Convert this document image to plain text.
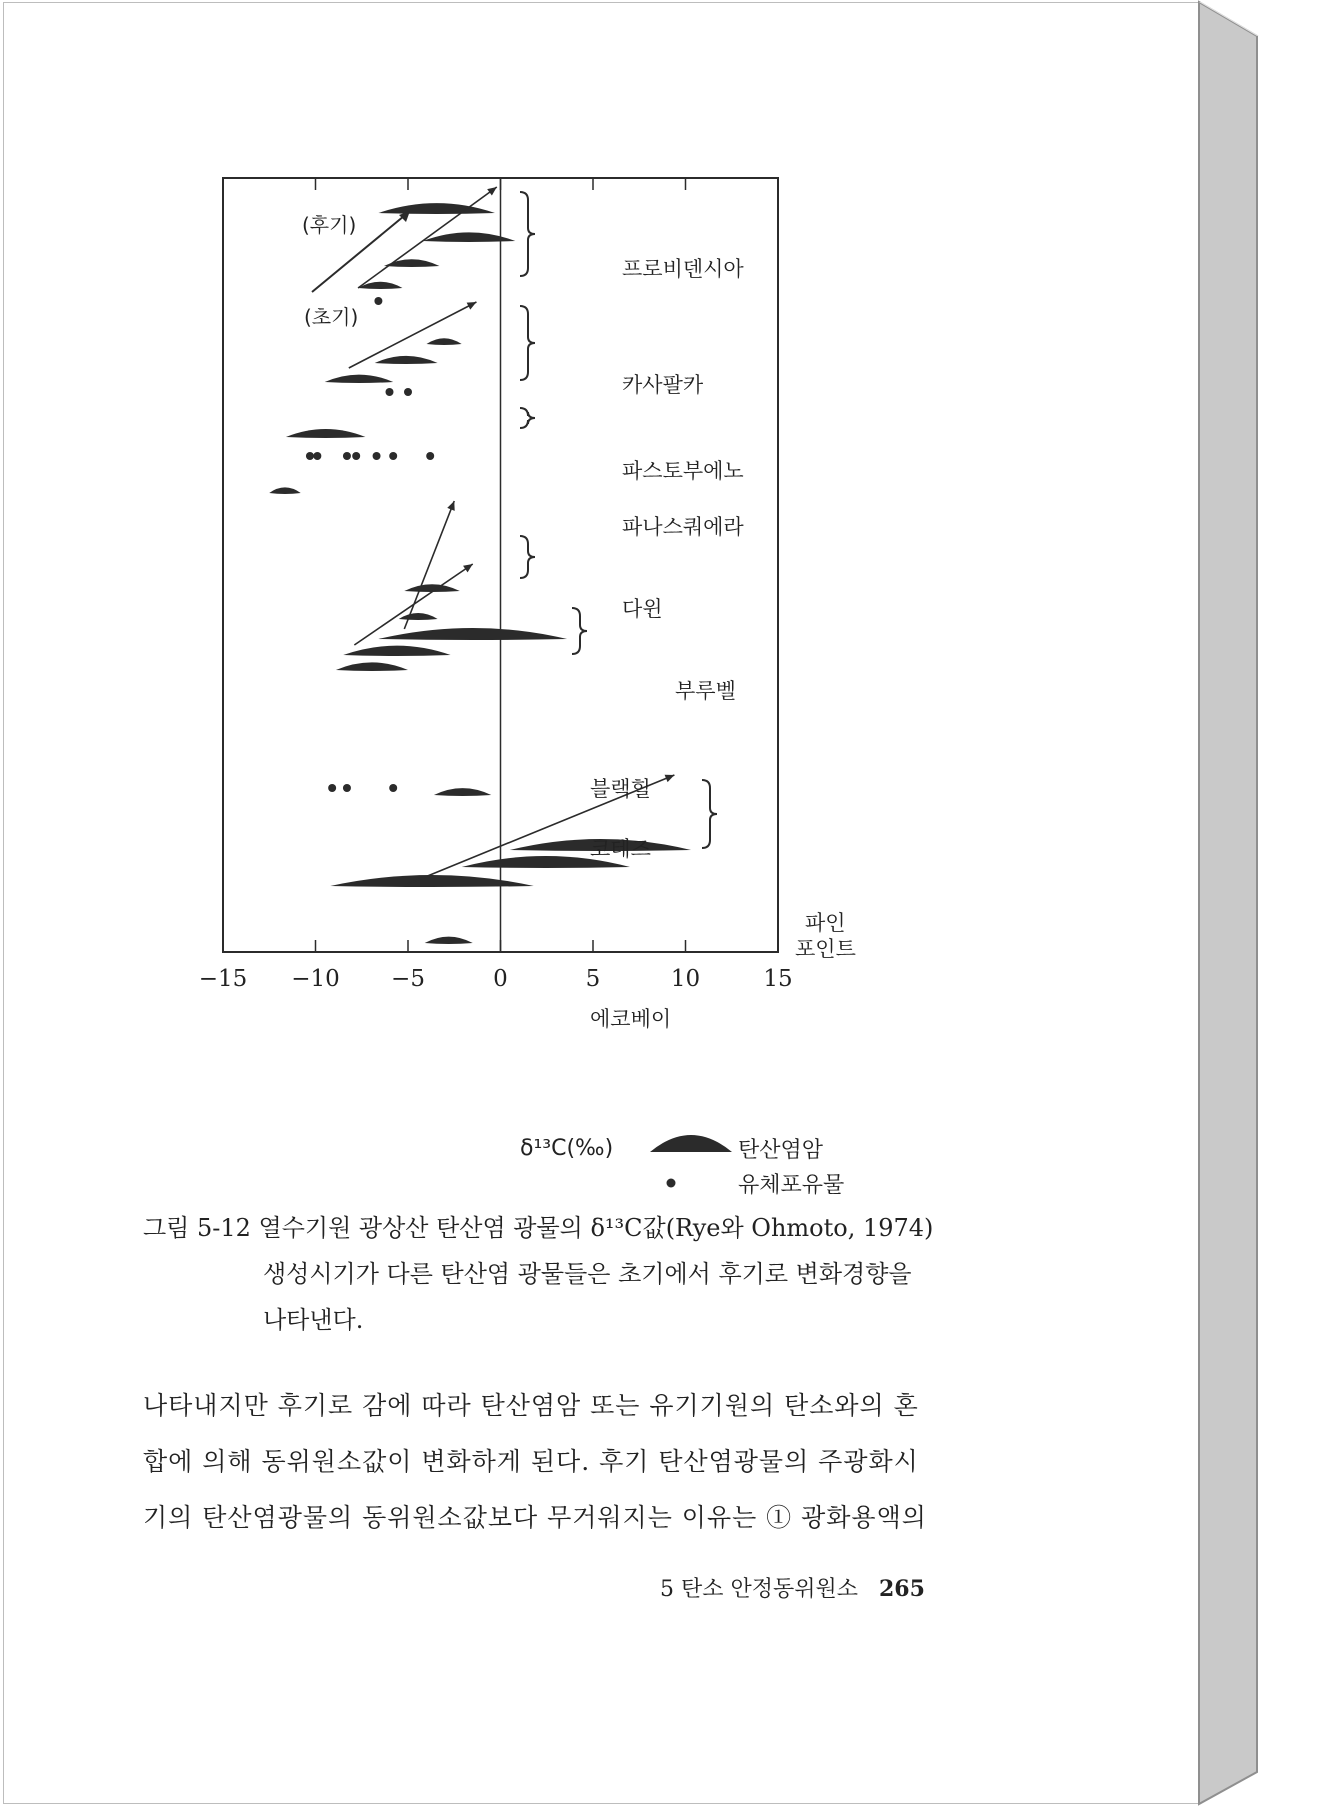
−15 −10 −5	0	5	10	15
(후기)
(초기)
프로비덴시아
카사팔카
파스토부에노
파나스쿼에라
다윈
부루벨
블랙힐
코테즈
파인
포인트
에코베이
δ¹³C(‰)	탄산염암
유체포유물
그림 5-12 열수기원 광상산 탄산염 광물의 δ¹³C값(Rye와 Ohmoto, 1974)
생성시기가 다른 탄산염 광물들은 초기에서 후기로 변화경향을
나타낸다.
나타내지만 후기로 감에 따라 탄산염암 또는 유기기원의 탄소와의 혼
합에 의해 동위원소값이 변화하게 된다. 후기 탄산염광물의 주광화시
기의 탄산염광물의 동위원소값보다 무거워지는 이유는 ① 광화용액의
5 탄소 안정동위원소 265
